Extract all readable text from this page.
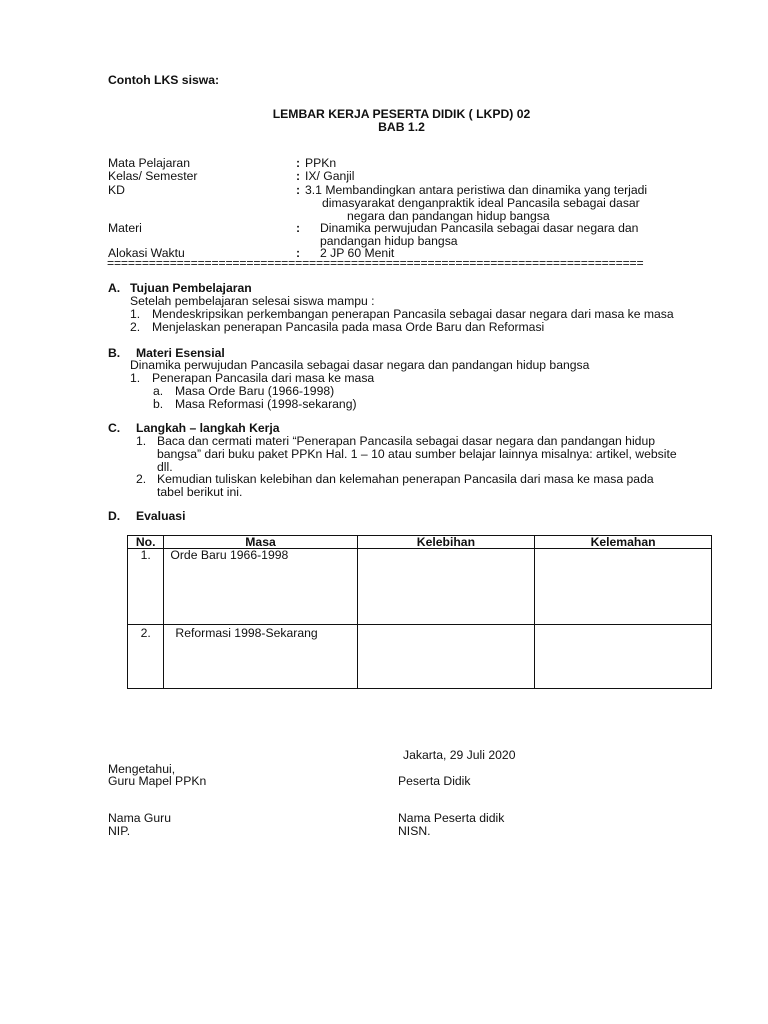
Contoh LKS siswa:
LEMBAR KERJA PESERTA DIDIK ( LKPD) 02
BAB 1.2
Mata Pelajaran	: PPKn
Kelas/ Semester	: IX/ Ganjil
KD	: 3.1 Membandingkan antara peristiwa dan dinamika yang terjadi
dimasyarakat denganpraktik ideal Pancasila sebagai dasar
negara dan pandangan hidup bangsa
Materi	: Dinamika perwujudan Pancasila sebagai dasar negara dan
pandangan hidup bangsa
Alokasi Waktu	: 2 JP 60 Menit
=============================================================================
A. Tujuan Pembelajaran
Setelah pembelajaran selesai siswa mampu :
1. Mendeskripsikan perkembangan penerapan Pancasila sebagai dasar negara dari masa ke masa
2. Menjelaskan penerapan Pancasila pada masa Orde Baru dan Reformasi
B. Materi Esensial
Dinamika perwujudan Pancasila sebagai dasar negara dan pandangan hidup bangsa
1. Penerapan Pancasila dari masa ke masa
a. Masa Orde Baru (1966-1998)
b. Masa Reformasi (1998-sekarang)
C. Langkah – langkah Kerja
1. Baca dan cermati materi “Penerapan Pancasila sebagai dasar negara dan pandangan hidup
bangsa” dari buku paket PPKn Hal. 1 – 10 atau sumber belajar lainnya misalnya: artikel, website
dll.
2. Kemudian tuliskan kelebihan dan kelemahan penerapan Pancasila dari masa ke masa pada
tabel berikut ini.
D. Evaluasi
No.	Masa	Kelebihan	Kelemahan
1.	Orde Baru 1966-1998		
2.	Reformasi 1998-Sekarang		
Jakarta, 29 Juli 2020
Mengetahui,
Guru Mapel PPKn	Peserta Didik
Nama Guru	Nama Peserta didik
NIP.	NISN.
